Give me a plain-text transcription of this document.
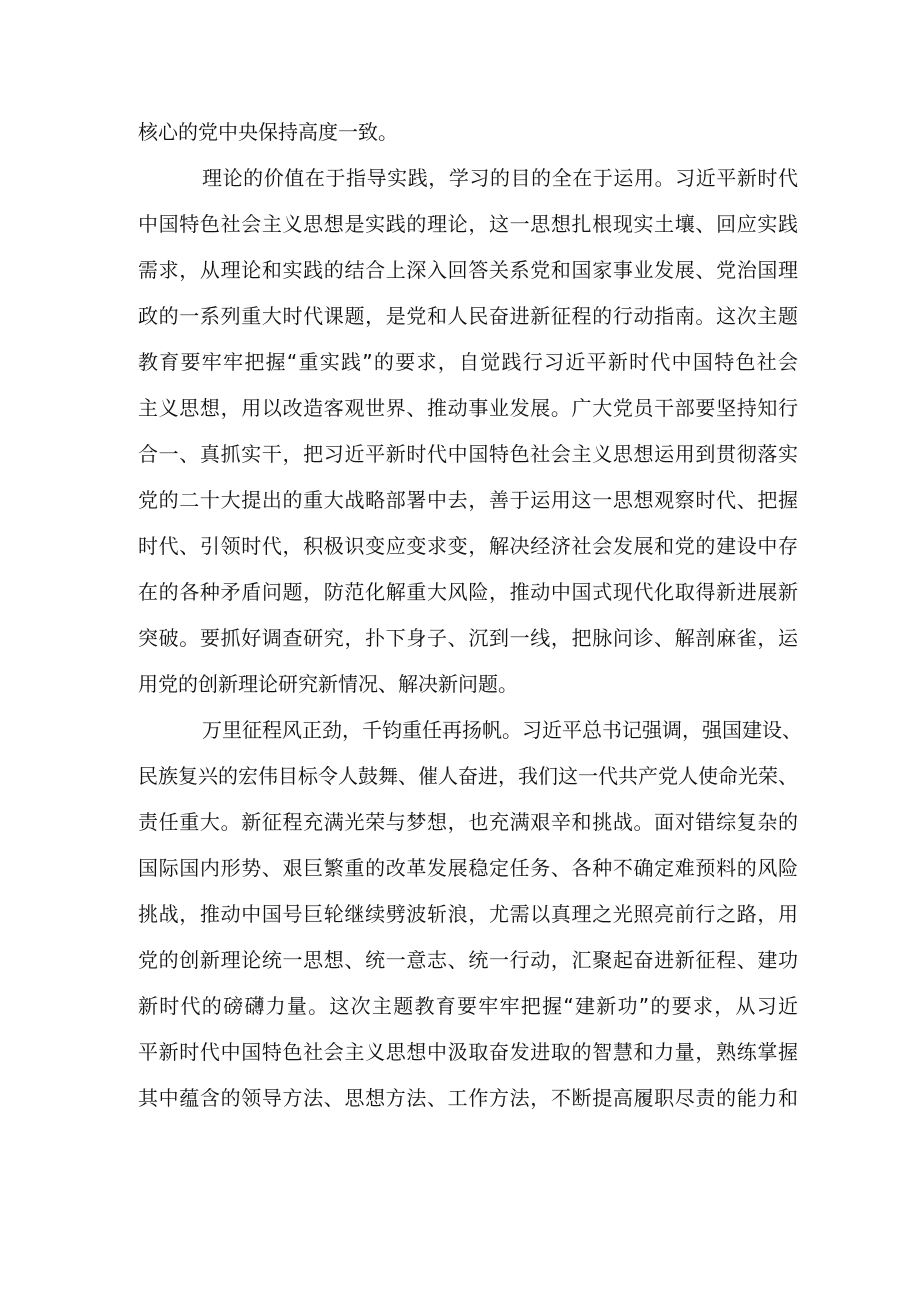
核心的党中央保持高度一致。
理论的价值在于指导实践，学习的目的全在于运用。习近平新时代
中国特色社会主义思想是实践的理论，这一思想扎根现实土壤、回应实践
需求，从理论和实践的结合上深入回答关系党和国家事业发展、党治国理
政的一系列重大时代课题，是党和人民奋进新征程的行动指南。这次主题
教育要牢牢把握“重实践”的要求，自觉践行习近平新时代中国特色社会
主义思想，用以改造客观世界、推动事业发展。广大党员干部要坚持知行
合一、真抓实干，把习近平新时代中国特色社会主义思想运用到贯彻落实
党的二十大提出的重大战略部署中去，善于运用这一思想观察时代、把握
时代、引领时代，积极识变应变求变，解决经济社会发展和党的建设中存
在的各种矛盾问题，防范化解重大风险，推动中国式现代化取得新进展新
突破。要抓好调查研究，扑下身子、沉到一线，把脉问诊、解剖麻雀，运
用党的创新理论研究新情况、解决新问题。
万里征程风正劲，千钧重任再扬帆。习近平总书记强调，强国建设、
民族复兴的宏伟目标令人鼓舞、催人奋进，我们这一代共产党人使命光荣、
责任重大。新征程充满光荣与梦想，也充满艰辛和挑战。面对错综复杂的
国际国内形势、艰巨繁重的改革发展稳定任务、各种不确定难预料的风险
挑战，推动中国号巨轮继续劈波斩浪，尤需以真理之光照亮前行之路，用
党的创新理论统一思想、统一意志、统一行动，汇聚起奋进新征程、建功
新时代的磅礴力量。这次主题教育要牢牢把握“建新功”的要求，从习近
平新时代中国特色社会主义思想中汲取奋发进取的智慧和力量，熟练掌握
其中蕴含的领导方法、思想方法、工作方法，不断提高履职尽责的能力和
